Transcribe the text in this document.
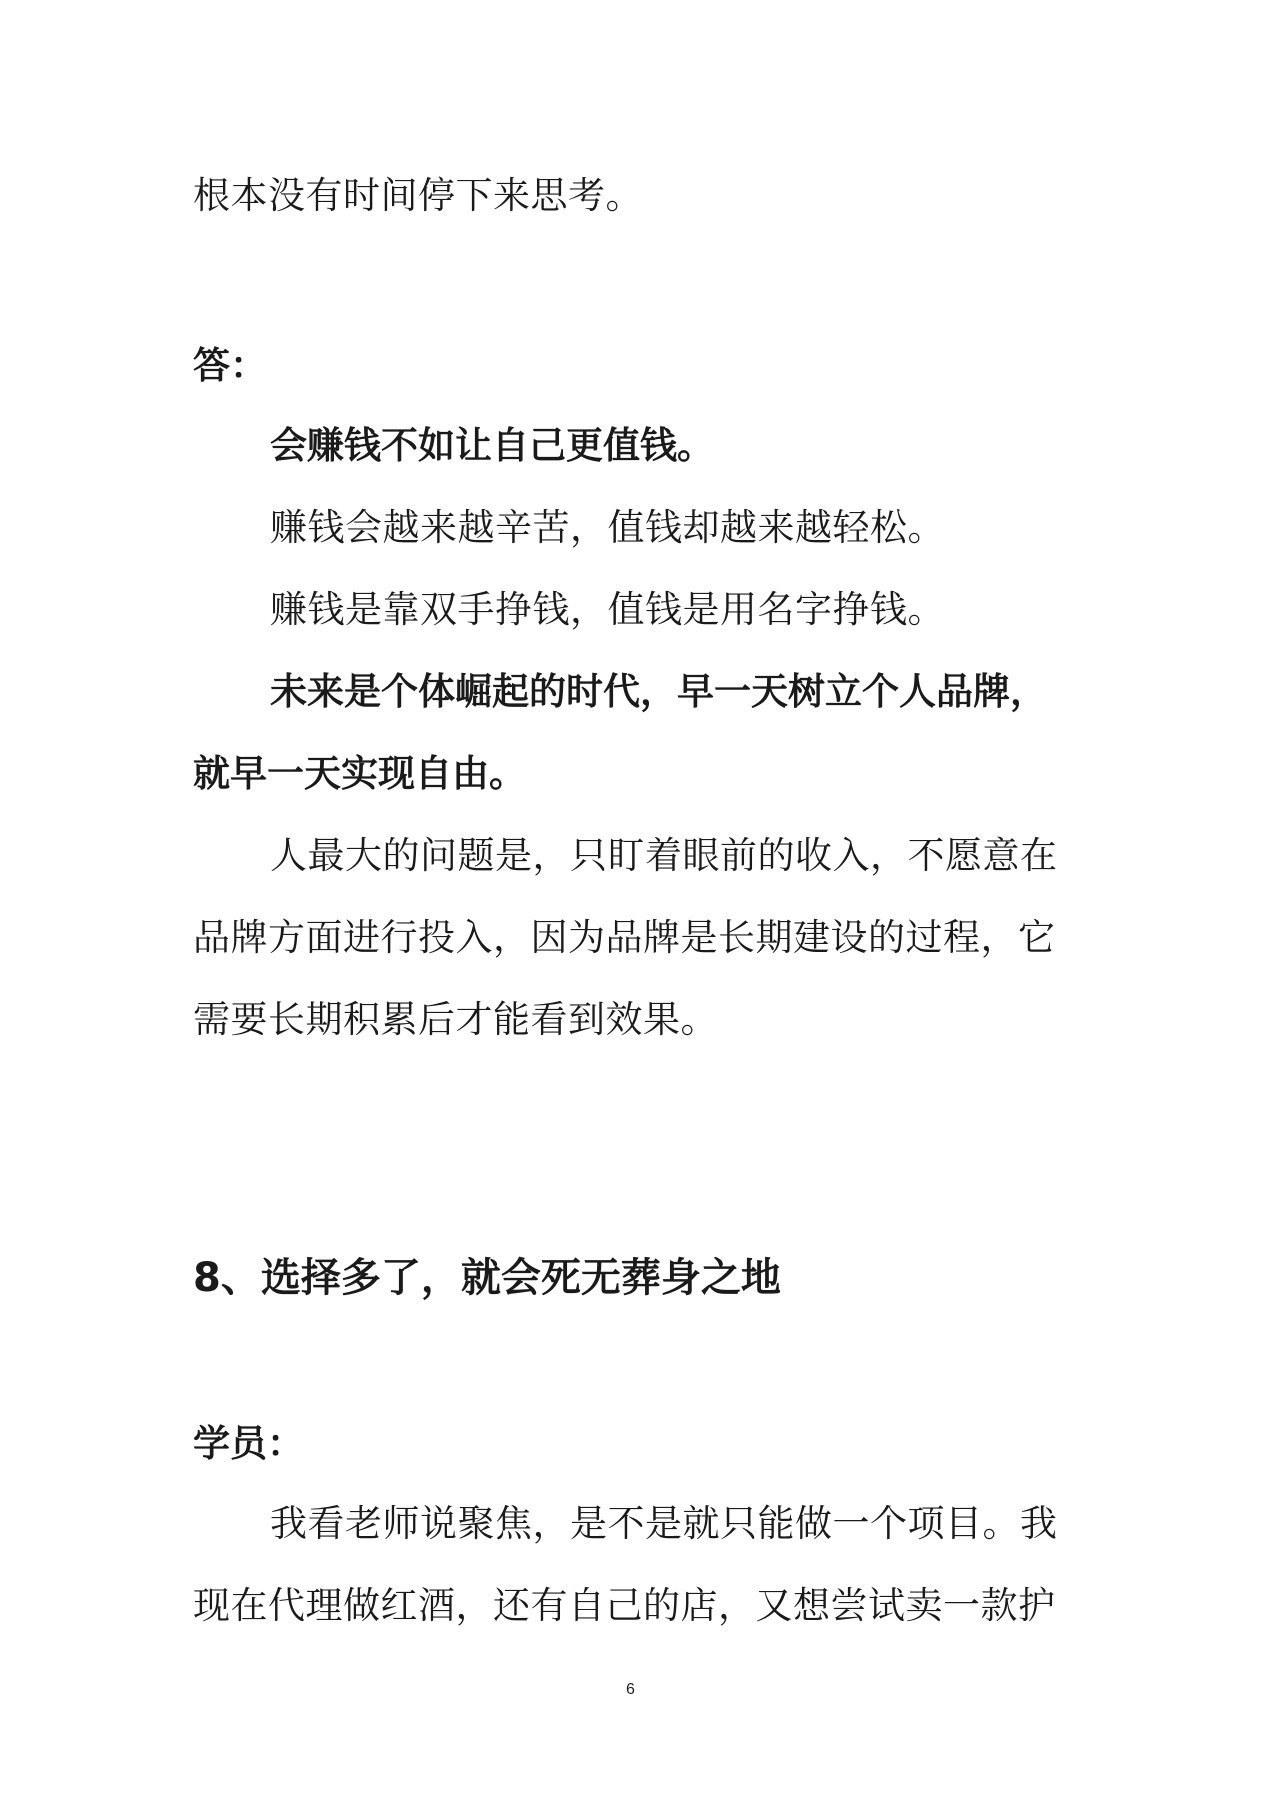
根本没有时间停下来思考。

答：

会赚钱不如让自己更值钱。

赚钱会越来越辛苦，值钱却越来越轻松。

赚钱是靠双手挣钱，值钱是用名字挣钱。

未来是个体崛起的时代，早一天树立个人品牌，

就早一天实现自由。

人最大的问题是，只盯着眼前的收入，不愿意在

品牌方面进行投入，因为品牌是长期建设的过程，它

需要长期积累后才能看到效果。

8、选择多了，就会死无葬身之地

学员：

我看老师说聚焦，是不是就只能做一个项目。我

现在代理做红酒，还有自己的店，又想尝试卖一款护

6
